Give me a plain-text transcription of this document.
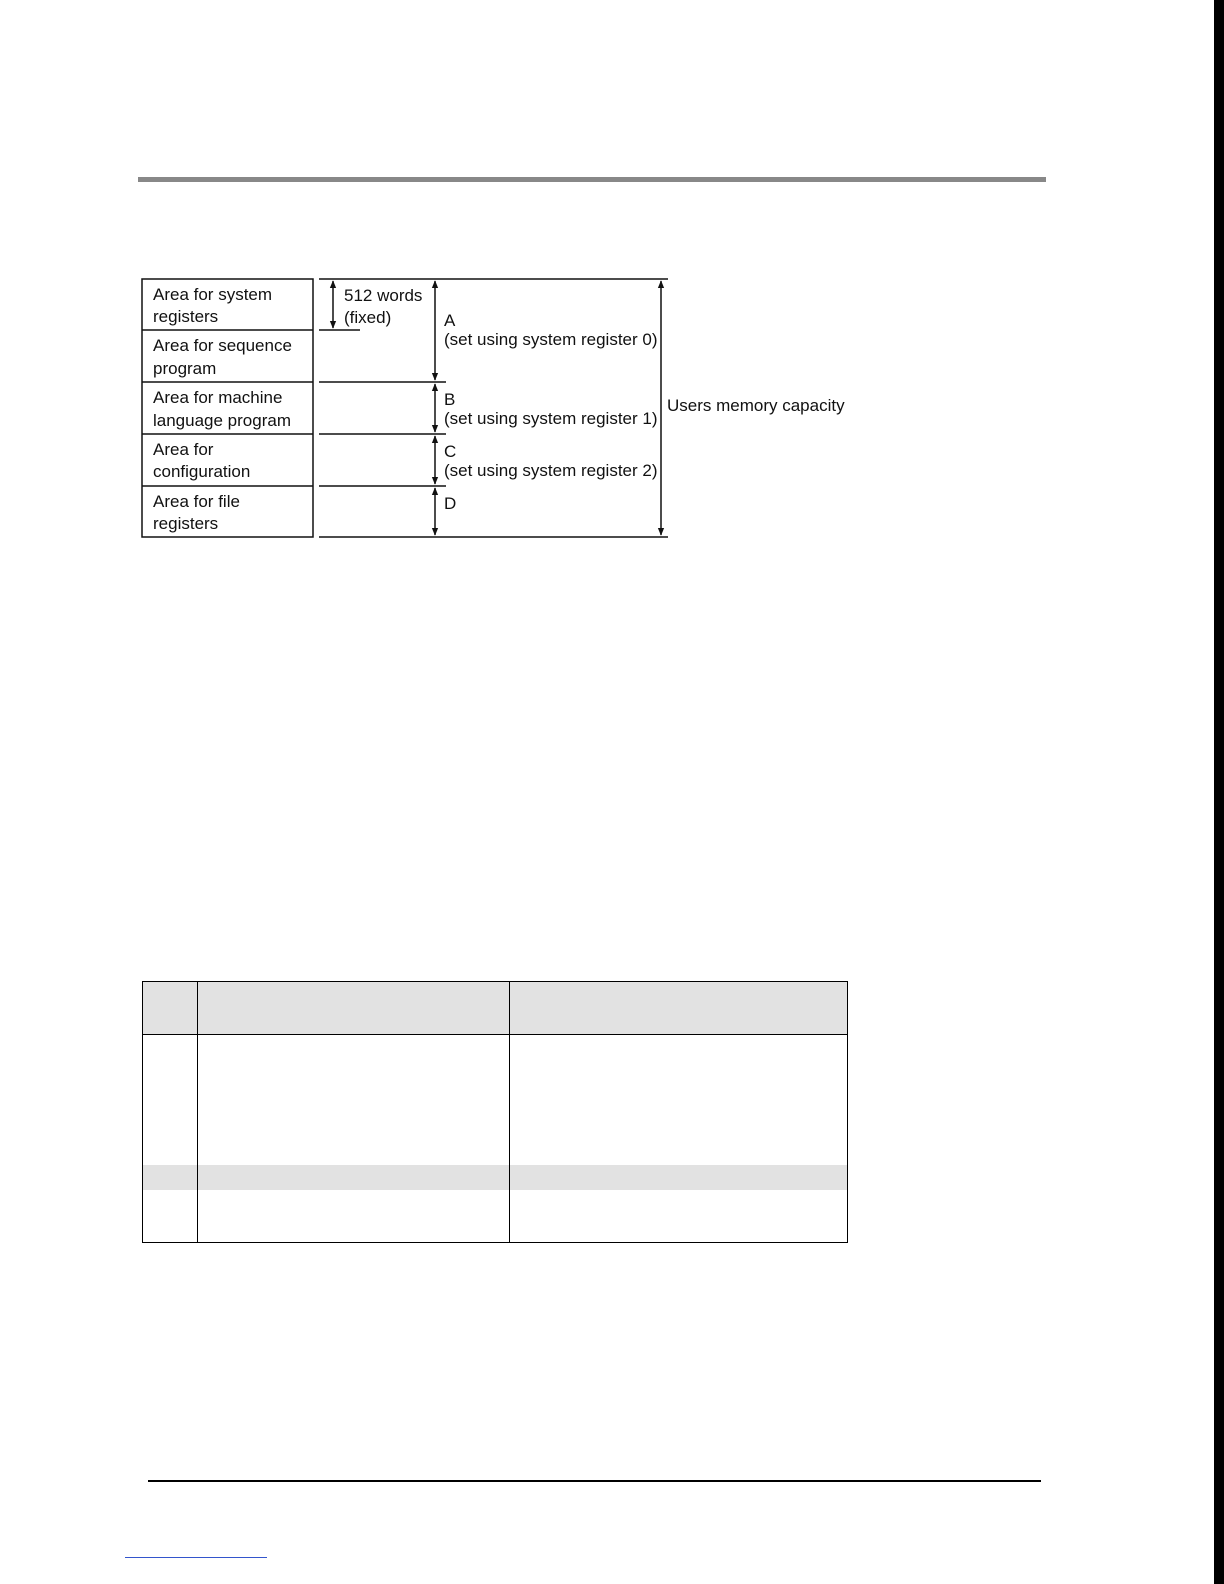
Area for system
registers
Area for sequence
program
Area for machine
language program
Area for
configuration
Area for file
registers
512 words
(fixed)	A
(set using system register 0)
B
(set using system register 1)
C
(set using system register 2)
D
Users memory capacity
